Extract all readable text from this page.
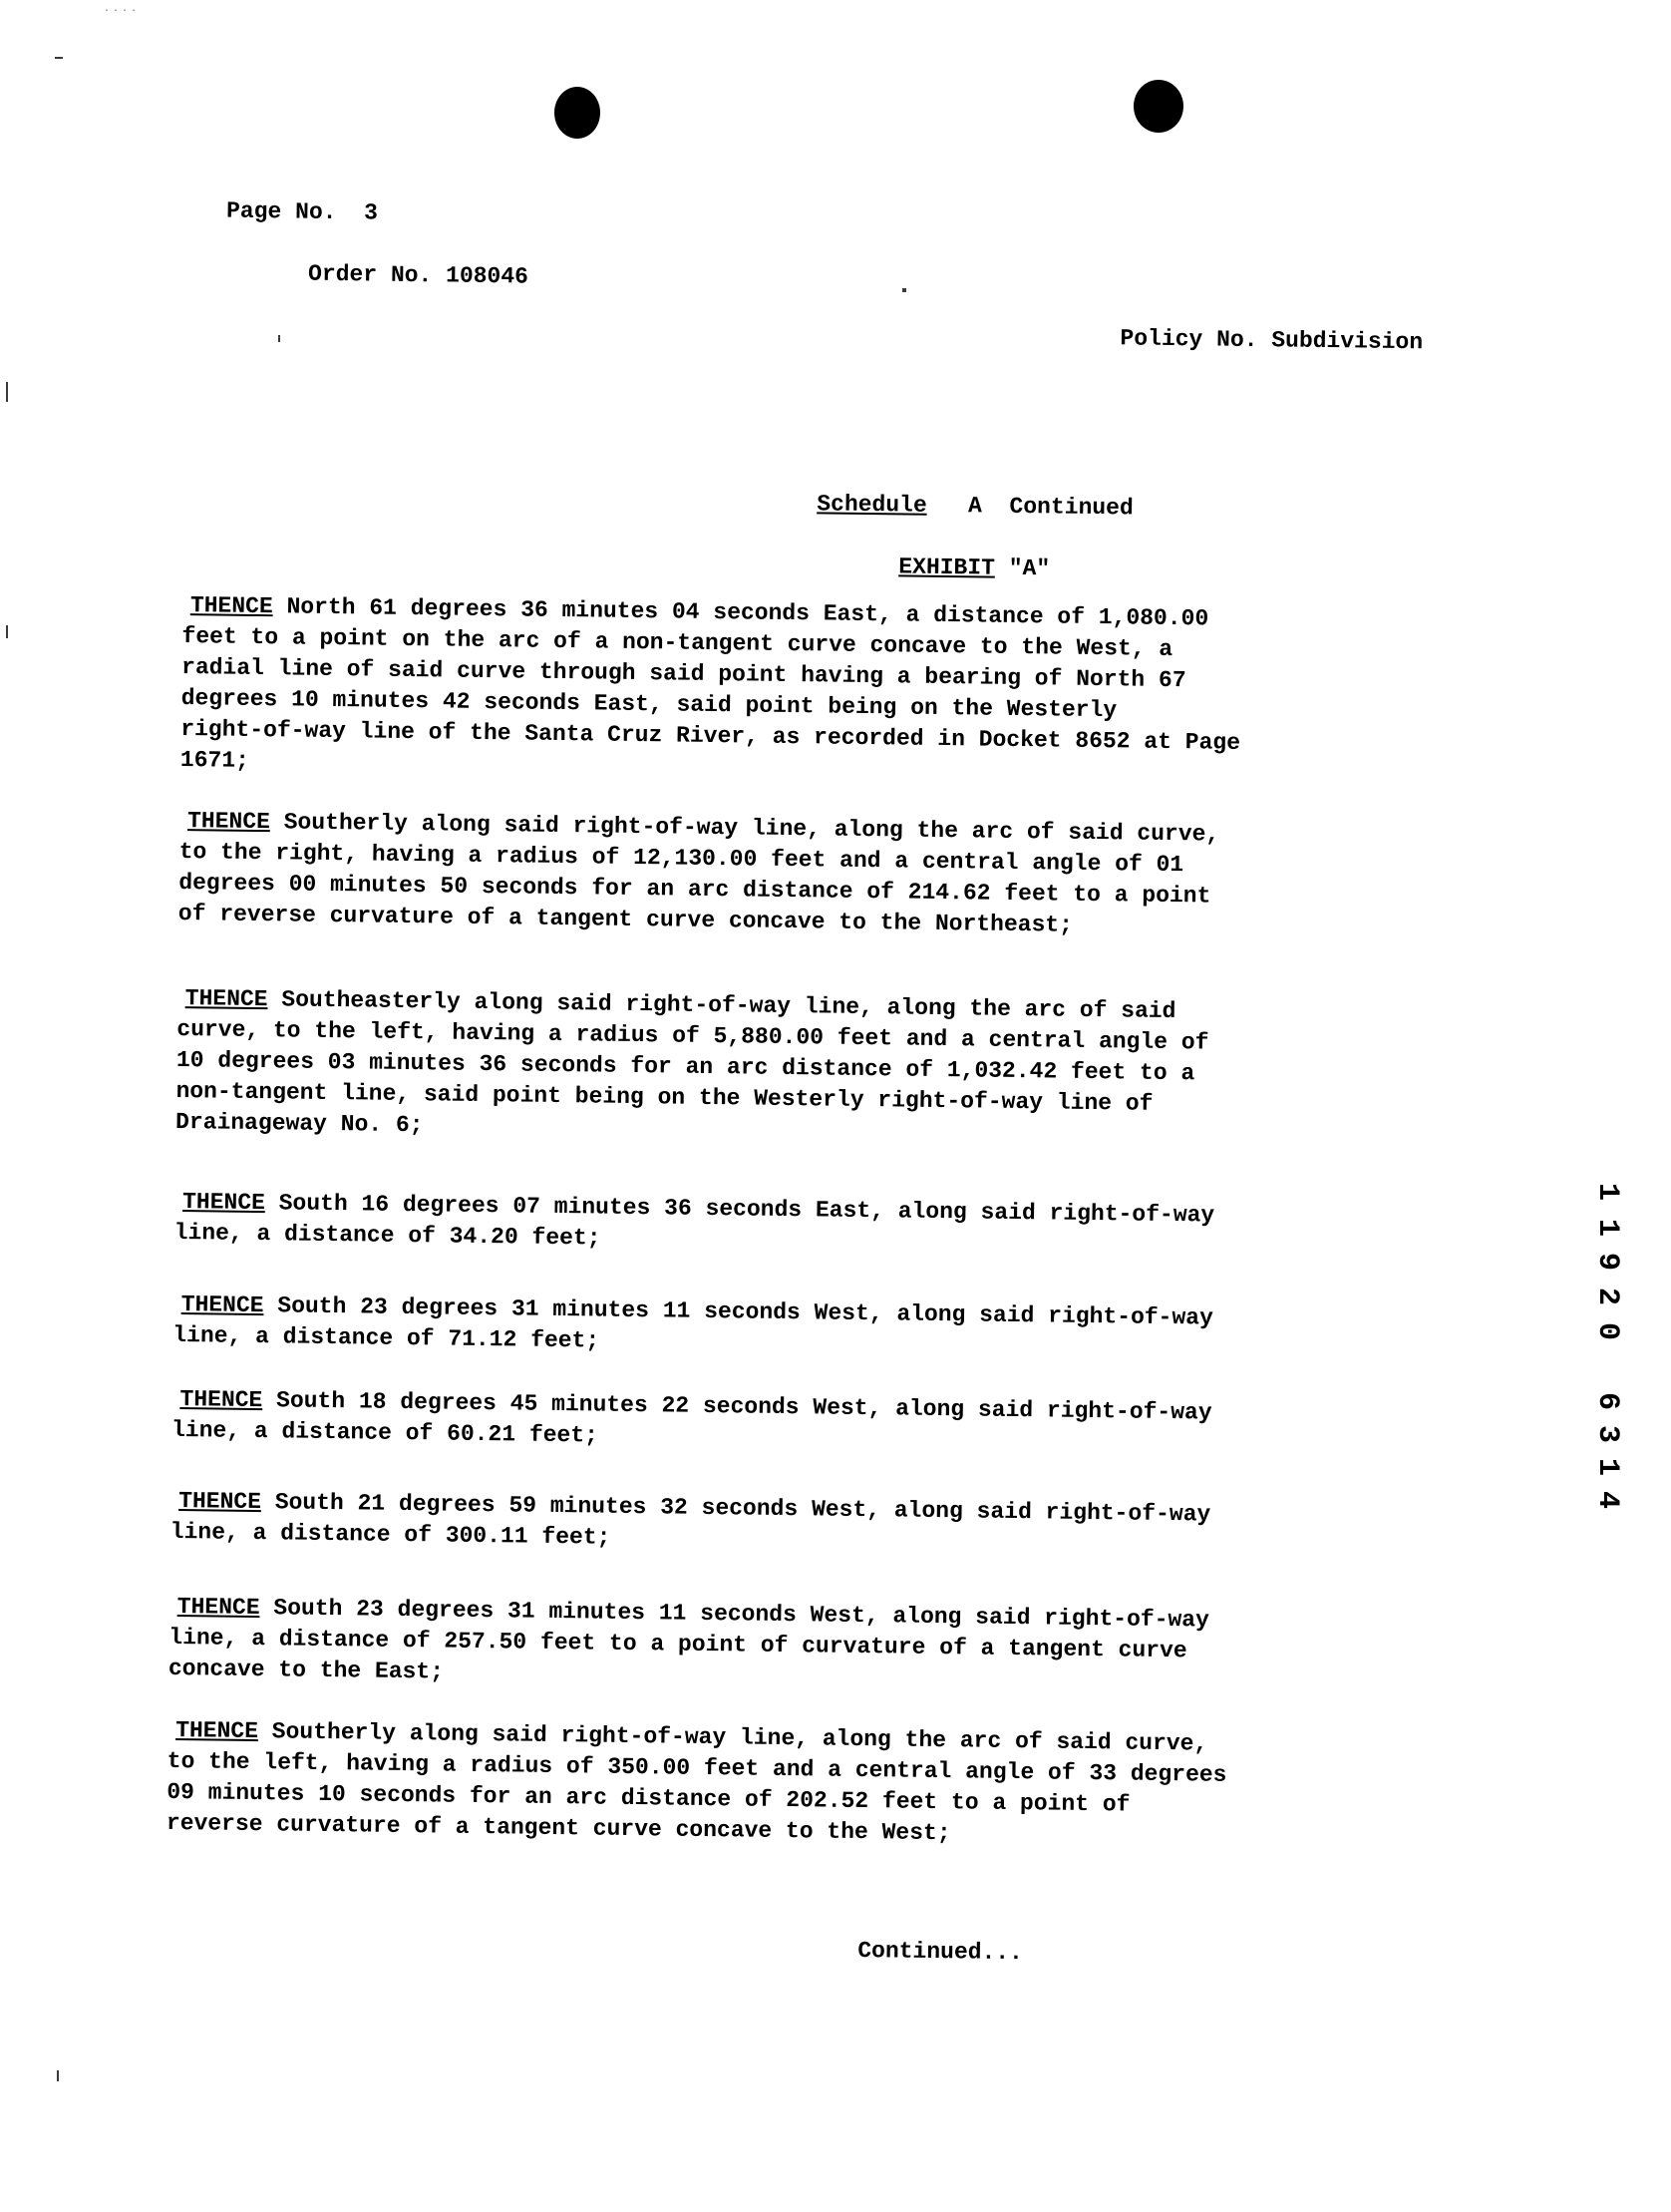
....
Page No.  3

Order No. 108046

Policy No. Subdivision
Schedule   A  Continued

EXHIBIT "A"

THENCE North 61 degrees 36 minutes 04 seconds East, a distance of 1,080.00
feet to a point on the arc of a non-tangent curve concave to the West, a
radial line of said curve through said point having a bearing of North 67
degrees 10 minutes 42 seconds East, said point being on the Westerly
right-of-way line of the Santa Cruz River, as recorded in Docket 8652 at Page
1671;

THENCE Southerly along said right-of-way line, along the arc of said curve,
to the right, having a radius of 12,130.00 feet and a central angle of 01
degrees 00 minutes 50 seconds for an arc distance of 214.62 feet to a point
of reverse curvature of a tangent curve concave to the Northeast;

THENCE Southeasterly along said right-of-way line, along the arc of said
curve, to the left, having a radius of 5,880.00 feet and a central angle of
10 degrees 03 minutes 36 seconds for an arc distance of 1,032.42 feet to a
non-tangent line, said point being on the Westerly right-of-way line of
Drainageway No. 6;

THENCE South 16 degrees 07 minutes 36 seconds East, along said right-of-way
line, a distance of 34.20 feet;

THENCE South 23 degrees 31 minutes 11 seconds West, along said right-of-way
line, a distance of 71.12 feet;

THENCE South 18 degrees 45 minutes 22 seconds West, along said right-of-way
line, a distance of 60.21 feet;

THENCE South 21 degrees 59 minutes 32 seconds West, along said right-of-way
line, a distance of 300.11 feet;

THENCE South 23 degrees 31 minutes 11 seconds West, along said right-of-way
line, a distance of 257.50 feet to a point of curvature of a tangent curve
concave to the East;

THENCE Southerly along said right-of-way line, along the arc of said curve,
to the left, having a radius of 350.00 feet and a central angle of 33 degrees
09 minutes 10 seconds for an arc distance of 202.52 feet to a point of
reverse curvature of a tangent curve concave to the West;

Continued...
1
1
9
2
0
6
3
1
4
